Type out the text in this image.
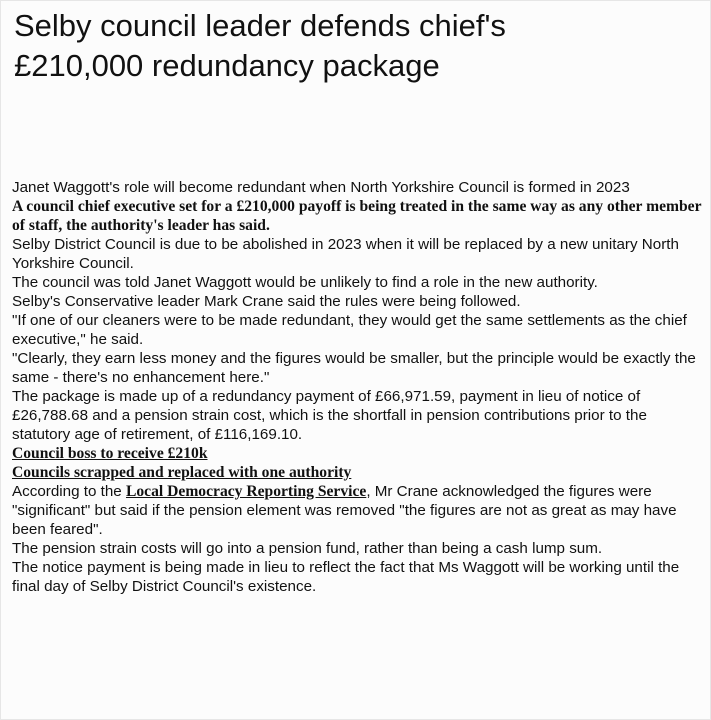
Selby council leader defends chief's
£210,000 redundancy package

Janet Waggott's role will become redundant when North Yorkshire Council is formed in 2023

A council chief executive set for a £210,000 payoff is being treated in the same way as any other member of staff, the authority's leader has said.

Selby District Council is due to be abolished in 2023 when it will be replaced by a new unitary North Yorkshire Council.

The council was told Janet Waggott would be unlikely to find a role in the new authority.

Selby's Conservative leader Mark Crane said the rules were being followed.

"If one of our cleaners were to be made redundant, they would get the same settlements as the chief executive," he said.

"Clearly, they earn less money and the figures would be smaller, but the principle would be exactly the same - there's no enhancement here."

The package is made up of a redundancy payment of £66,971.59, payment in lieu of notice of £26,788.68 and a pension strain cost, which is the shortfall in pension contributions prior to the statutory age of retirement, of £116,169.10.

Council boss to receive £210k

Councils scrapped and replaced with one authority

According to the Local Democracy Reporting Service, Mr Crane acknowledged the figures were "significant" but said if the pension element was removed "the figures are not as great as may have been feared".

The pension strain costs will go into a pension fund, rather than being a cash lump sum.

The notice payment is being made in lieu to reflect the fact that Ms Waggott will be working until the final day of Selby District Council's existence.
